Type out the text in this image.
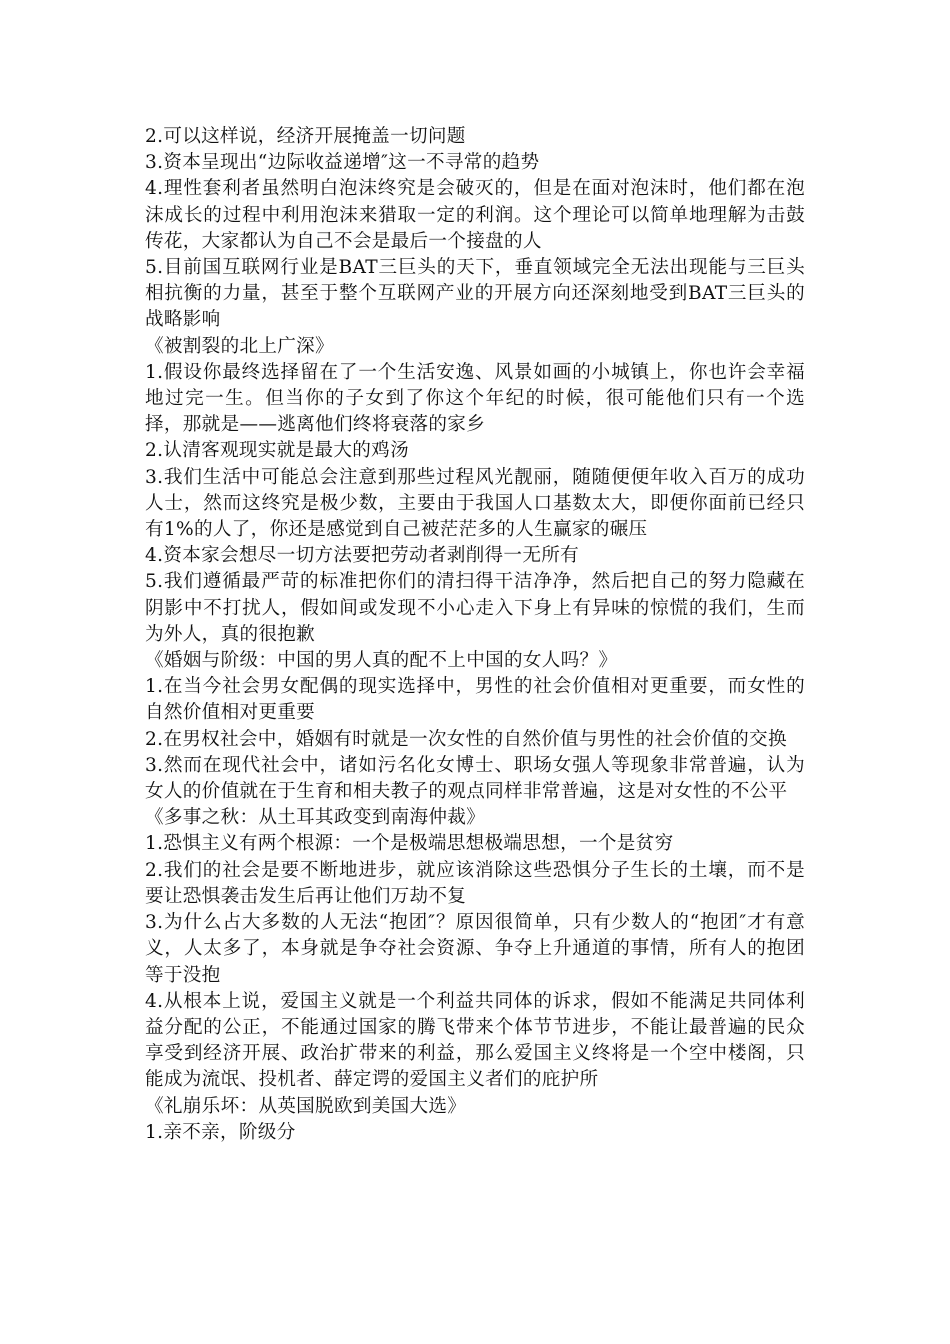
2.可以这样说，经济开展掩盖一切问题

3.资本呈现出“边际收益递增″这一不寻常的趋势

4.理性套利者虽然明白泡沫终究是会破灭的，但是在面对泡沫时，他们都在泡沫成长的过程中利用泡沫来猎取一定的利润。这个理论可以简单地理解为击鼓传花，大家都认为自己不会是最后一个接盘的人

5.目前国互联网行业是BAT三巨头的天下，垂直领域完全无法出现能与三巨头相抗衡的力量，甚至于整个互联网产业的开展方向还深刻地受到BAT三巨头的战略影响

《被割裂的北上广深》

1.假设你最终选择留在了一个生活安逸、风景如画的小城镇上，你也许会幸福地过完一生。但当你的子女到了你这个年纪的时候，很可能他们只有一个选择，那就是——逃离他们终将衰落的家乡

2.认清客观现实就是最大的鸡汤

3.我们生活中可能总会注意到那些过程风光靓丽，随随便便年收入百万的成功人士，然而这终究是极少数，主要由于我国人口基数太大，即便你面前已经只有1%的人了，你还是感觉到自己被茫茫多的人生赢家的碾压

4.资本家会想尽一切方法要把劳动者剥削得一无所有

5.我们遵循最严苛的标准把你们的清扫得干洁净净，然后把自己的努力隐藏在阴影中不打扰人，假如间或发现不小心走入下身上有异味的惊慌的我们，生而为外人，真的很抱歉

《婚姻与阶级：中国的男人真的配不上中国的女人吗？》

1.在当今社会男女配偶的现实选择中，男性的社会价值相对更重要，而女性的自然价值相对更重要

2.在男权社会中，婚姻有时就是一次女性的自然价值与男性的社会价值的交换

3.然而在现代社会中，诸如污名化女博士、职场女强人等现象非常普遍，认为女人的价值就在于生育和相夫教子的观点同样非常普遍，这是对女性的不公平

《多事之秋：从土耳其政变到南海仲裁》

1.恐惧主义有两个根源：一个是极端思想极端思想，一个是贫穷

2.我们的社会是要不断地进步，就应该消除这些恐惧分子生长的土壤，而不是要让恐惧袭击发生后再让他们万劫不复

3.为什么占大多数的人无法“抱团″？原因很简单，只有少数人的“抱团″才有意义，人太多了，本身就是争夺社会资源、争夺上升通道的事情，所有人的抱团等于没抱

4.从根本上说，爱国主义就是一个利益共同体的诉求，假如不能满足共同体利益分配的公正，不能通过国家的腾飞带来个体节节进步，不能让最普遍的民众享受到经济开展、政治扩带来的利益，那么爱国主义终将是一个空中楼阁，只能成为流氓、投机者、薛定谔的爱国主义者们的庇护所

《礼崩乐坏：从英国脱欧到美国大选》

1.亲不亲，阶级分
